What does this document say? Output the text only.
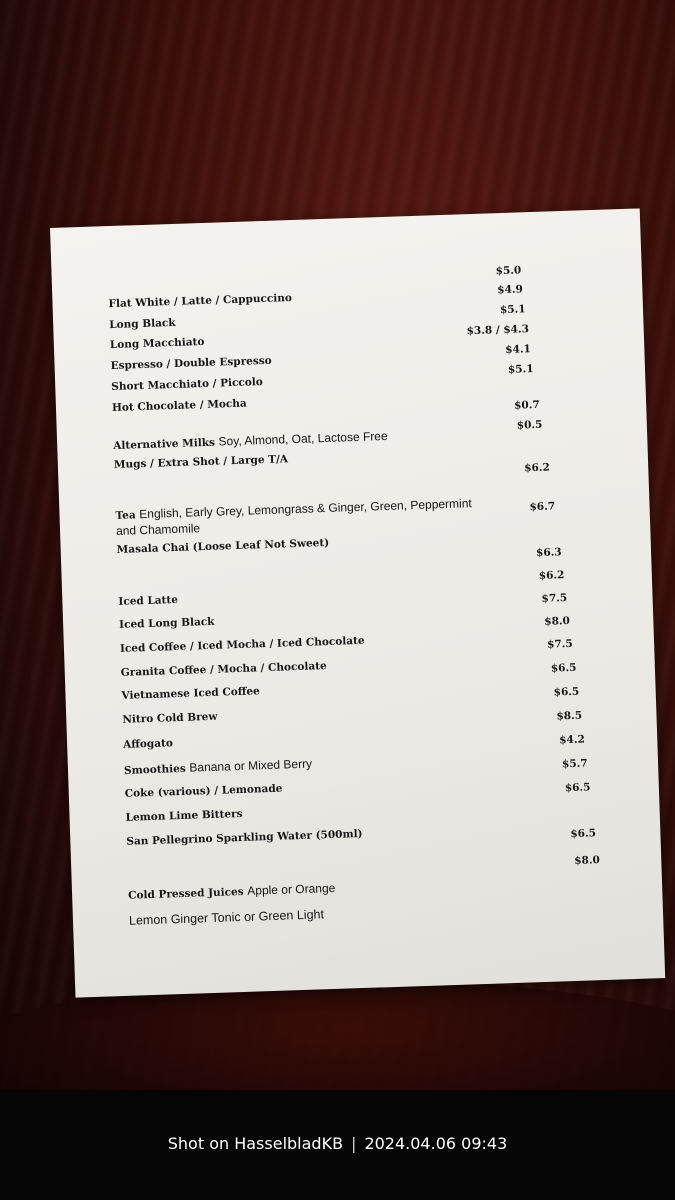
Flat White / Latte / Cappuccino
$5.0
Long Black
$4.9
Long Macchiato
$5.1
Espresso / Double Espresso
$3.8 / $4.3
Short Macchiato / Piccolo
$4.1
Hot Chocolate / Mocha
$5.1
Alternative Milks Soy, Almond, Oat, Lactose Free
$0.7
Mugs / Extra Shot / Large T/A
$0.5
Tea English, Early Grey, Lemongrass & Ginger, Green, Peppermint
and Chamomile
$6.2
Masala Chai (Loose Leaf Not Sweet)
$6.7
Iced Latte
$6.3
Iced Long Black
$6.2
Iced Coffee / Iced Mocha / Iced Chocolate
$7.5
Granita Coffee / Mocha / Chocolate
$8.0
Vietnamese Iced Coffee
$7.5
Nitro Cold Brew
$6.5
Affogato
$6.5
Smoothies Banana or Mixed Berry
$8.5
Coke (various) / Lemonade
$4.2
Lemon Lime Bitters
$5.7
San Pellegrino Sparkling Water (500ml)
$6.5
Cold Pressed Juices Apple or Orange
$6.5
Lemon Ginger Tonic or Green Light
$8.0
Shot on HasselbladKB | 2024.04.06 09:43
